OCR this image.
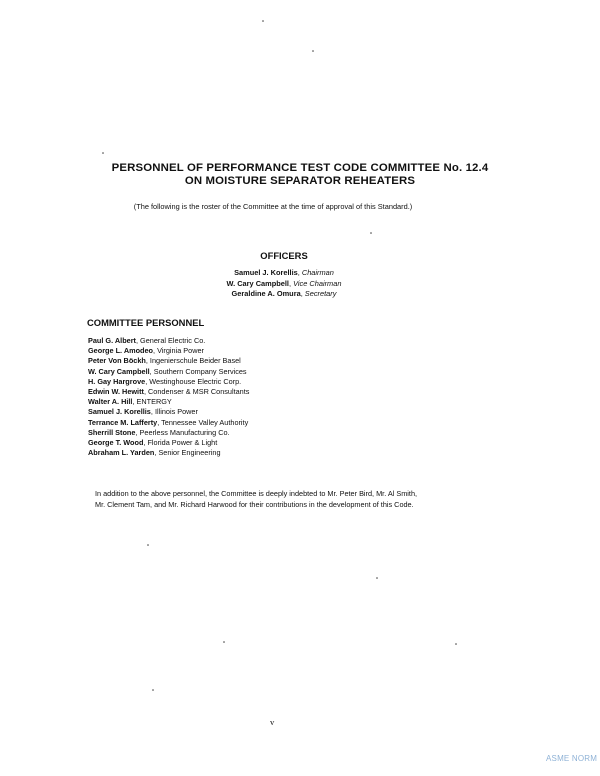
PERSONNEL OF PERFORMANCE TEST CODE COMMITTEE No. 12.4
ON MOISTURE SEPARATOR REHEATERS
(The following is the roster of the Committee at the time of approval of this Standard.)
OFFICERS
Samuel J. Korellis, Chairman
W. Cary Campbell, Vice Chairman
Geraldine A. Omura, Secretary
COMMITTEE PERSONNEL
Paul G. Albert, General Electric Co.
George L. Amodeo, Virginia Power
Peter Von Böckh, Ingenierschule Beider Basel
W. Cary Campbell, Southern Company Services
H. Gay Hargrove, Westinghouse Electric Corp.
Edwin W. Hewitt, Condenser & MSR Consultants
Walter A. Hill, ENTERGY
Samuel J. Korellis, Illinois Power
Terrance M. Lafferty, Tennessee Valley Authority
Sherrill Stone, Peerless Manufacturing Co.
George T. Wood, Florida Power & Light
Abraham L. Yarden, Senior Engineering
In addition to the above personnel, the Committee is deeply indebted to Mr. Peter Bird, Mr. Al Smith,
Mr. Clement Tam, and Mr. Richard Harwood for their contributions in the development of this Code.
v
ASME NORM
